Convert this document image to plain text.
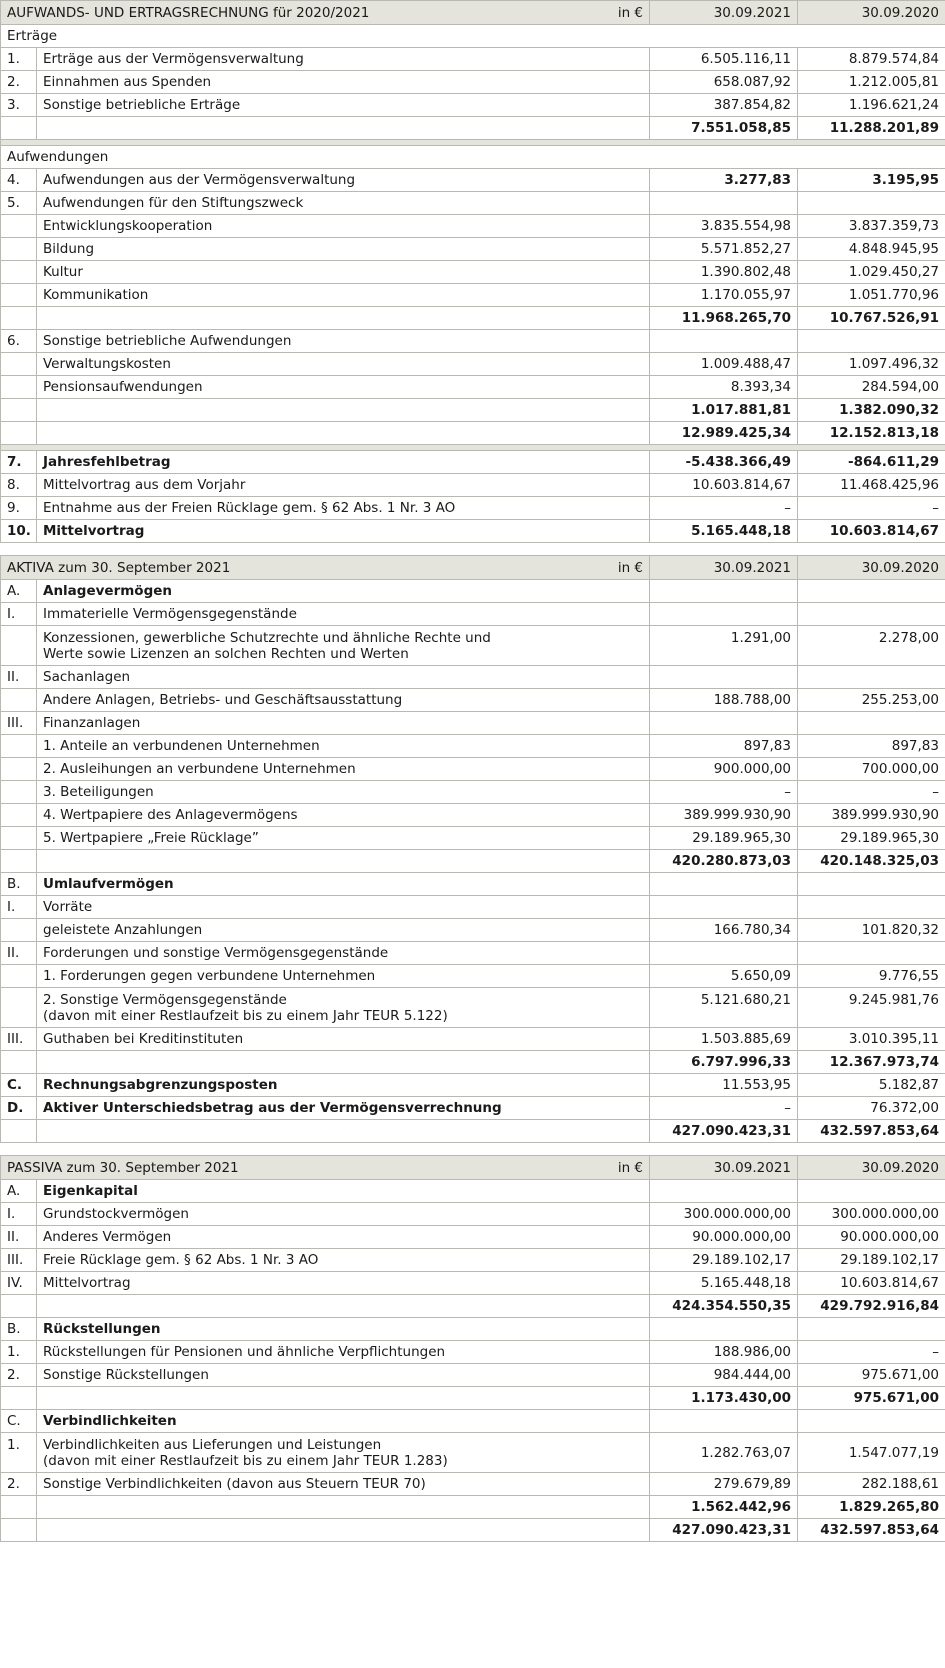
AUFWANDS- UND ERTRAGSRECHNUNG für 2020/2021 in €		30.09.2021	30.09.2020
Erträge			
1.	Erträge aus der Vermögensverwaltung	6.505.116,11	8.879.574,84
2.	Einnahmen aus Spenden	658.087,92	1.212.005,81
3.	Sonstige betriebliche Erträge	387.854,82	1.196.621,24
		7.551.058,85	11.288.201,89

Aufwendungen			
4.	Aufwendungen aus der Vermögensverwaltung	3.277,83	3.195,95
5.	Aufwendungen für den Stiftungszweck		
	Entwicklungskooperation	3.835.554,98	3.837.359,73
	Bildung	5.571.852,27	4.848.945,95
	Kultur	1.390.802,48	1.029.450,27
	Kommunikation	1.170.055,97	1.051.770,96
		11.968.265,70	10.767.526,91
6.	Sonstige betriebliche Aufwendungen		
	Verwaltungskosten	1.009.488,47	1.097.496,32
	Pensionsaufwendungen	8.393,34	284.594,00
		1.017.881,81	1.382.090,32
		12.989.425,34	12.152.813,18

7.	Jahresfehlbetrag	-5.438.366,49	-864.611,29
8.	Mittelvortrag aus dem Vorjahr	10.603.814,67	11.468.425,96
9.	Entnahme aus der Freien Rücklage gem. § 62 Abs. 1 Nr. 3 AO	–	–
10.	Mittelvortrag	5.165.448,18	10.603.814,67
AKTIVA zum 30. September 2021 in €		30.09.2021	30.09.2020
A.	Anlagevermögen		
I.	Immaterielle Vermögensgegenstände		

	Konzessionen, gewerbliche Schutzrechte und ähnliche Rechte und
Werte sowie Lizenzen an solchen Rechten und Werten	1.291,00	2.278,00
II.	Sachanlagen		
	Andere Anlagen, Betriebs- und Geschäftsausstattung	188.788,00	255.253,00
III.	Finanzanlagen		
	1. Anteile an verbundenen Unternehmen	897,83	897,83
	2. Ausleihungen an verbundene Unternehmen	900.000,00	700.000,00
	3. Beteiligungen	–	–
	4. Wertpapiere des Anlagevermögens	389.999.930,90	389.999.930,90
	5. Wertpapiere „Freie Rücklage”	29.189.965,30	29.189.965,30
		420.280.873,03	420.148.325,03
B.	Umlaufvermögen		
I.	Vorräte		
	geleistete Anzahlungen	166.780,34	101.820,32
II.	Forderungen und sonstige Vermögensgegenstände		
	1. Forderungen gegen verbundene Unternehmen	5.650,09	9.776,55

	2. Sonstige Vermögensgegenstände
(davon mit einer Restlaufzeit bis zu einem Jahr TEUR 5.122)	5.121.680,21	9.245.981,76
III.	Guthaben bei Kreditinstituten	1.503.885,69	3.010.395,11
		6.797.996,33	12.367.973,74
C.	Rechnungsabgrenzungsposten	11.553,95	5.182,87
D.	Aktiver Unterschiedsbetrag aus der Vermögensverrechnung	–	76.372,00
		427.090.423,31	432.597.853,64
PASSIVA zum 30. September 2021 in €		30.09.2021	30.09.2020
A.	Eigenkapital		
I.	Grundstockvermögen	300.000.000,00	300.000.000,00
II.	Anderes Vermögen	90.000.000,00	90.000.000,00
III.	Freie Rücklage gem. § 62 Abs. 1 Nr. 3 AO	29.189.102,17	29.189.102,17
IV.	Mittelvortrag	5.165.448,18	10.603.814,67
		424.354.550,35	429.792.916,84
B.	Rückstellungen		
1.	Rückstellungen für Pensionen und ähnliche Verpflichtungen	188.986,00	–
2.	Sonstige Rückstellungen	984.444,00	975.671,00
		1.173.430,00	975.671,00
C.	Verbindlichkeiten		
1.	Verbindlichkeiten aus Lieferungen und Leistungen
(davon mit einer Restlaufzeit bis zu einem Jahr TEUR 1.283)	1.282.763,07	1.547.077,19
2.	Sonstige Verbindlichkeiten (davon aus Steuern TEUR 70)	279.679,89	282.188,61
		1.562.442,96	1.829.265,80
		427.090.423,31	432.597.853,64
